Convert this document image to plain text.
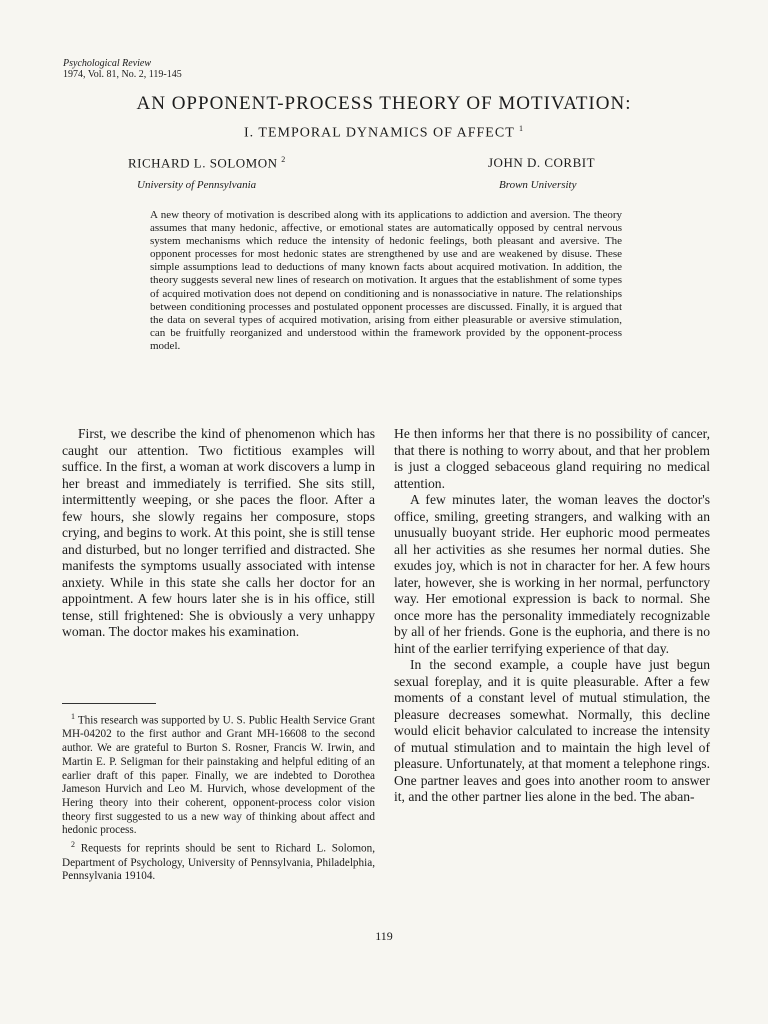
Psychological Review
1974, Vol. 81, No. 2, 119-145
AN OPPONENT-PROCESS THEORY OF MOTIVATION:
I. TEMPORAL DYNAMICS OF AFFECT $^1$
RICHARD L. SOLOMON $^2$
University of Pennsylvania
JOHN D. CORBIT
Brown University
A new theory of motivation is described along with its applications to addiction and aversion. The theory assumes that many hedonic, affective, or emotional states are automatically opposed by central nervous system mechanisms which reduce the intensity of hedonic feelings, both pleasant and aversive. The opponent processes for most hedonic states are strengthened by use and are weakened by disuse. These simple assumptions lead to deductions of many known facts about acquired motivation. In addition, the theory suggests several new lines of research on motivation. It argues that the establishment of some types of acquired motivation does not depend on conditioning and is nonassociative in nature. The relationships between conditioning processes and postulated opponent processes are discussed. Finally, it is argued that the data on several types of acquired motivation, arising from either pleasurable or aversive stimulation, can be fruitfully reorganized and understood within the framework provided by the opponent-process model.

First, we describe the kind of phenomenon which has caught our attention. Two fictitious examples will suffice. In the first, a woman at work discovers a lump in her breast and immediately is terrified. She sits still, intermittently weeping, or she paces the floor. After a few hours, she slowly regains her composure, stops crying, and begins to work. At this point, she is still tense and disturbed, but no longer terrified and distracted. She manifests the symptoms usually associated with intense anxiety. While in this state she calls her doctor for an appointment. A few hours later she is in his office, still tense, still frightened: She is obviously a very unhappy woman. The doctor makes his examination.

$^1$ This research was supported by U. S. Public Health Service Grant MH-04202 to the first author and Grant MH-16608 to the second author. We are grateful to Burton S. Rosner, Francis W. Irwin, and Martin E. P. Seligman for their painstaking and helpful editing of an earlier draft of this paper. Finally, we are indebted to Dorothea Jameson Hurvich and Leo M. Hurvich, whose development of the Hering theory into their coherent, opponent-process color vision theory first suggested to us a new way of thinking about affect and hedonic process.

$^2$ Requests for reprints should be sent to Richard L. Solomon, Department of Psychology, University of Pennsylvania, Philadelphia, Pennsylvania 19104.

He then informs her that there is no possibility of cancer, that there is nothing to worry about, and that her problem is just a clogged sebaceous gland requiring no medical attention.

A few minutes later, the woman leaves the doctor's office, smiling, greeting strangers, and walking with an unusually buoyant stride. Her euphoric mood permeates all her activities as she resumes her normal duties. She exudes joy, which is not in character for her. A few hours later, however, she is working in her normal, perfunctory way. Her emotional expression is back to normal. She once more has the personality immediately recognizable by all of her friends. Gone is the euphoria, and there is no hint of the earlier terrifying experience of that day.

In the second example, a couple have just begun sexual foreplay, and it is quite pleasurable. After a few moments of a constant level of mutual stimulation, the pleasure decreases somewhat. Normally, this decline would elicit behavior calculated to increase the intensity of mutual stimulation and to maintain the high level of pleasure. Unfortunately, at that moment a telephone rings. One partner leaves and goes into another room to answer it, and the other partner lies alone in the bed. The aban-

119
